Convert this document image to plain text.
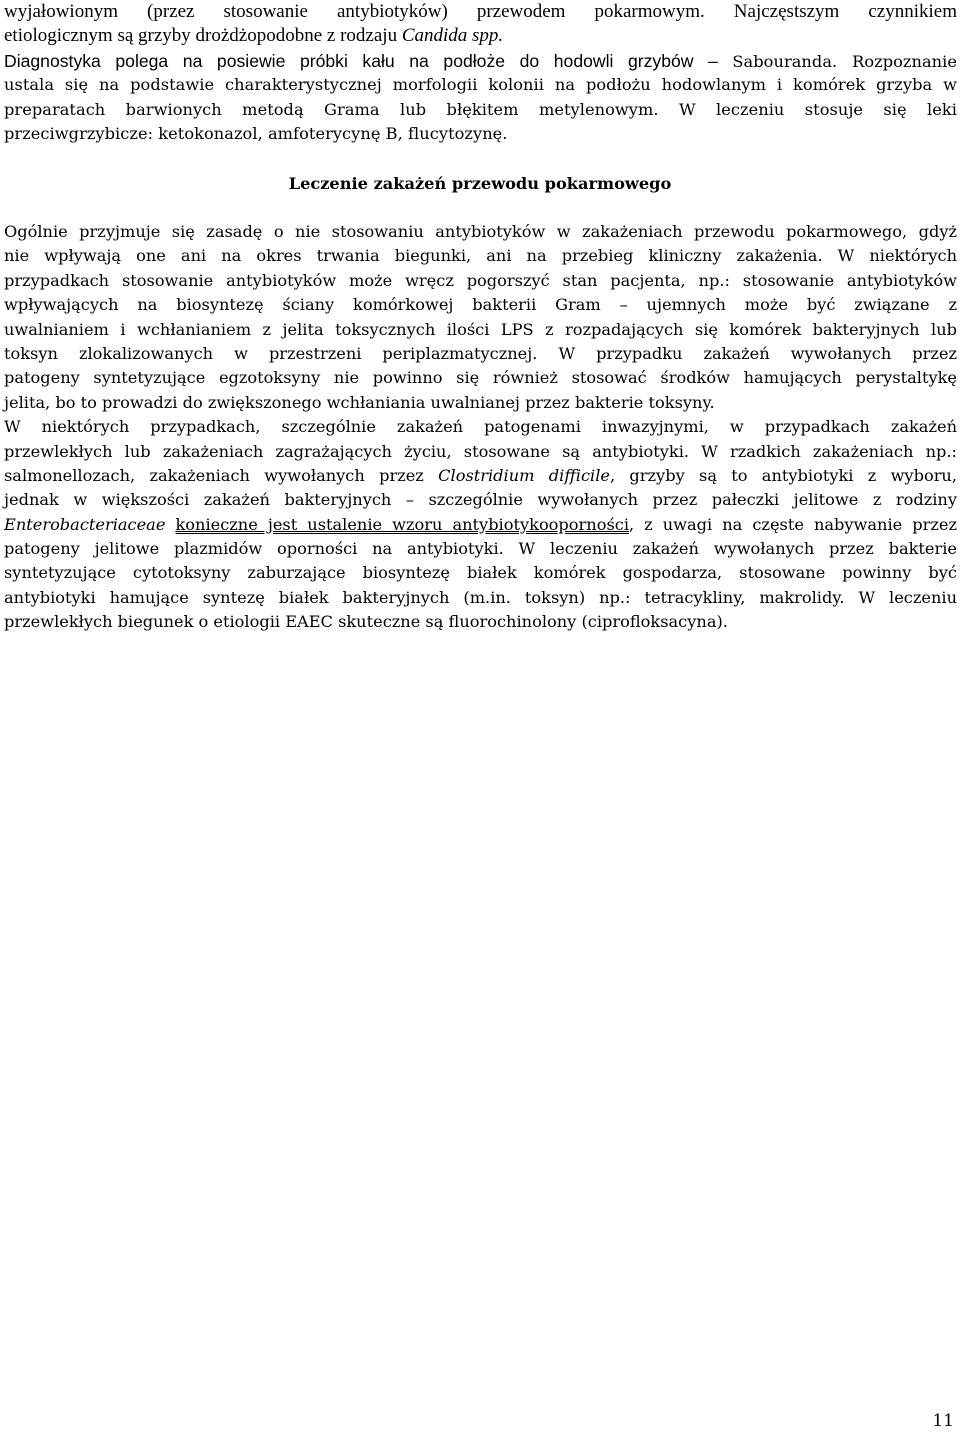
wyjałowionym (przez stosowanie antybiotyków) przewodem pokarmowym. Najczęstszym czynnikiem
etiologicznym są grzyby drożdżopodobne z rodzaju Candida spp.
Diagnostyka polega na posiewie próbki kału na podłoże do hodowli grzybów – Sabouranda. Rozpoznanie
ustala się na podstawie charakterystycznej morfologii kolonii na podłożu hodowlanym i komórek grzyba w
preparatach barwionych metodą Grama lub błękitem metylenowym. W leczeniu stosuje się leki
przeciwgrzybicze: ketokonazol, amfoterycynę B, flucytozynę.
Leczenie zakażeń przewodu pokarmowego
Ogólnie przyjmuje się zasadę o nie stosowaniu antybiotyków w zakażeniach przewodu pokarmowego, gdyż
nie wpływają one ani na okres trwania biegunki, ani na przebieg kliniczny zakażenia. W niektórych
przypadkach stosowanie antybiotyków może wręcz pogorszyć stan pacjenta, np.: stosowanie antybiotyków
wpływających na biosyntezę ściany komórkowej bakterii Gram – ujemnych może być związane z
uwalnianiem i wchłanianiem z jelita toksycznych ilości LPS z rozpadających się komórek bakteryjnych lub
toksyn zlokalizowanych w przestrzeni periplazmatycznej. W przypadku zakażeń wywołanych przez
patogeny syntetyzujące egzotoksyny nie powinno się również stosować środków hamujących perystaltykę
jelita, bo to prowadzi do zwiększonego wchłaniania uwalnianej przez bakterie toksyny.
W niektórych przypadkach, szczególnie zakażeń patogenami inwazyjnymi, w przypadkach zakażeń
przewlekłych lub zakażeniach zagrażających życiu, stosowane są antybiotyki. W rzadkich zakażeniach np.:
salmonellozach, zakażeniach wywołanych przez Clostridium difficile, grzyby są to antybiotyki z wyboru,
jednak w większości zakażeń bakteryjnych – szczególnie wywołanych przez pałeczki jelitowe z rodziny
Enterobacteriaceae konieczne jest ustalenie wzoru antybiotykooporności, z uwagi na częste nabywanie przez
patogeny jelitowe plazmidów oporności na antybiotyki. W leczeniu zakażeń wywołanych przez bakterie
syntetyzujące cytotoksyny zaburzające biosyntezę białek komórek gospodarza, stosowane powinny być
antybiotyki hamujące syntezę białek bakteryjnych (m.in. toksyn) np.: tetracykliny, makrolidy. W leczeniu
przewlekłych biegunek o etiologii EAEC skuteczne są fluorochinolony (ciprofloksacyna).
11
